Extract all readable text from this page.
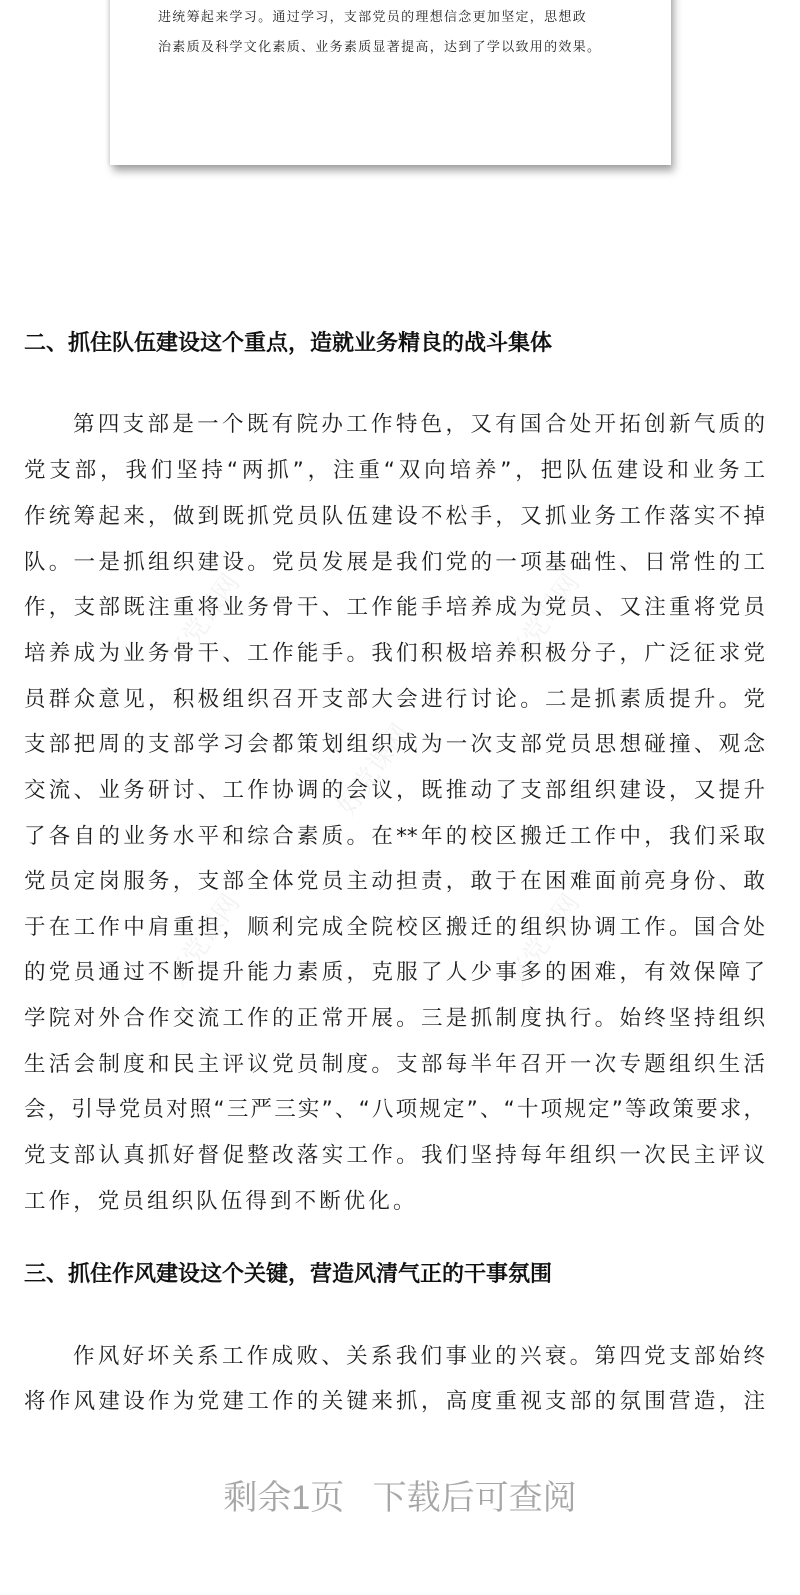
好党课网	好党课网
好党课网
好党课网	好党课网
进统筹起来学习。通过学习，支部党员的理想信念更加坚定，思想政
治素质及科学文化素质、业务素质显著提高，达到了学以致用的效果。
二、抓住队伍建设这个重点，造就业务精良的战斗集体
第四支部是一个既有院办工作特色，又有国合处开拓创新气质的
党支部，我们坚持“两抓”，注重“双向培养”，把队伍建设和业务工
作统筹起来，做到既抓党员队伍建设不松手，又抓业务工作落实不掉
队。一是抓组织建设。党员发展是我们党的一项基础性、日常性的工
作，支部既注重将业务骨干、工作能手培养成为党员、又注重将党员
培养成为业务骨干、工作能手。我们积极培养积极分子，广泛征求党
员群众意见，积极组织召开支部大会进行讨论。二是抓素质提升。党
支部把周的支部学习会都策划组织成为一次支部党员思想碰撞、观念
交流、业务研讨、工作协调的会议，既推动了支部组织建设，又提升
了各自的业务水平和综合素质。在**年的校区搬迁工作中，我们采取
党员定岗服务，支部全体党员主动担责，敢于在困难面前亮身份、敢
于在工作中肩重担，顺利完成全院校区搬迁的组织协调工作。国合处
的党员通过不断提升能力素质，克服了人少事多的困难，有效保障了
学院对外合作交流工作的正常开展。三是抓制度执行。始终坚持组织
生活会制度和民主评议党员制度。支部每半年召开一次专题组织生活
会，引导党员对照“三严三实”、“八项规定”、“十项规定”等政策要求，
党支部认真抓好督促整改落实工作。我们坚持每年组织一次民主评议
工作，党员组织队伍得到不断优化。
三、抓住作风建设这个关键，营造风清气正的干事氛围
作风好坏关系工作成败、关系我们事业的兴衰。第四党支部始终
将作风建设作为党建工作的关键来抓，高度重视支部的氛围营造，注
剩余1页   下载后可查阅
